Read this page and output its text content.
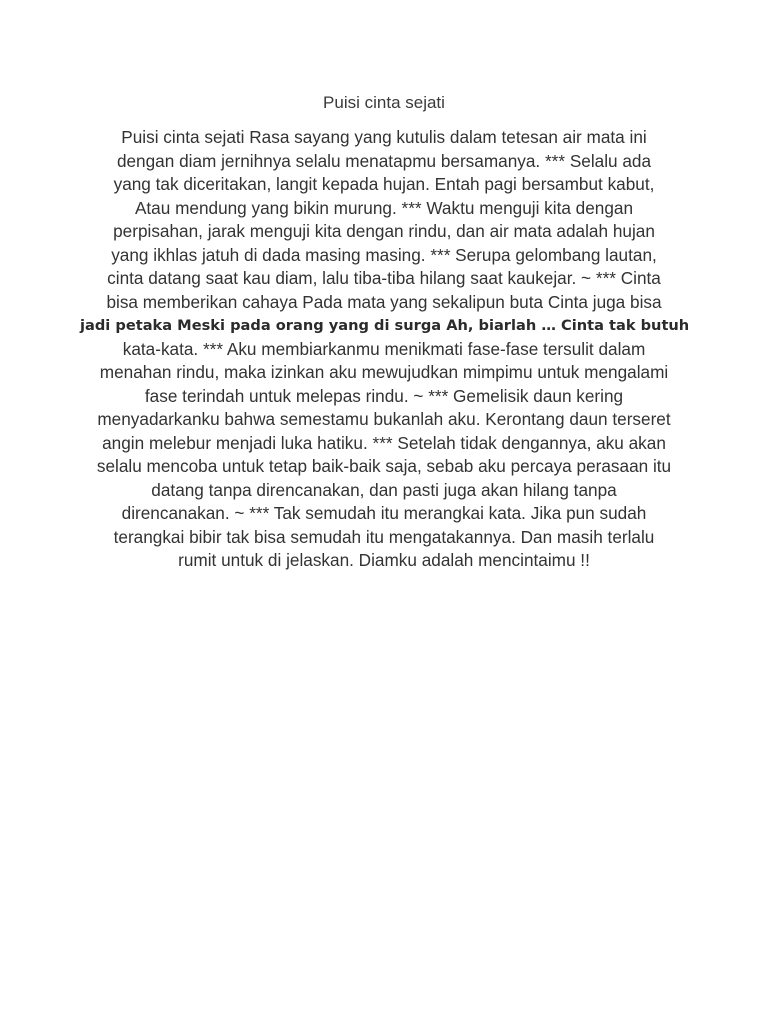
Puisi cinta sejati
Puisi cinta sejati Rasa sayang yang kutulis dalam tetesan air mata ini
dengan diam jernihnya selalu menatapmu bersamanya. *** Selalu ada
yang tak diceritakan, langit kepada hujan. Entah pagi bersambut kabut,
Atau mendung yang bikin murung. *** Waktu menguji kita dengan
perpisahan, jarak menguji kita dengan rindu, dan air mata adalah hujan
yang ikhlas jatuh di dada masing masing. *** Serupa gelombang lautan,
cinta datang saat kau diam, lalu tiba-tiba hilang saat kaukejar. ~ *** Cinta
bisa memberikan cahaya Pada mata yang sekalipun buta Cinta juga bisa
jadi petaka Meski pada orang yang di surga Ah, biarlah … Cinta tak butuh
kata-kata. *** Aku membiarkanmu menikmati fase-fase tersulit dalam
menahan rindu, maka izinkan aku mewujudkan mimpimu untuk mengalami
fase terindah untuk melepas rindu. ~ *** Gemelisik daun kering
menyadarkanku bahwa semestamu bukanlah aku. Kerontang daun terseret
angin melebur menjadi luka hatiku. *** Setelah tidak dengannya, aku akan
selalu mencoba untuk tetap baik-baik saja, sebab aku percaya perasaan itu
datang tanpa direncanakan, dan pasti juga akan hilang tanpa
direncanakan. ~ *** Tak semudah itu merangkai kata. Jika pun sudah
terangkai bibir tak bisa semudah itu mengatakannya. Dan masih terlalu
rumit untuk di jelaskan. Diamku adalah mencintaimu !!
